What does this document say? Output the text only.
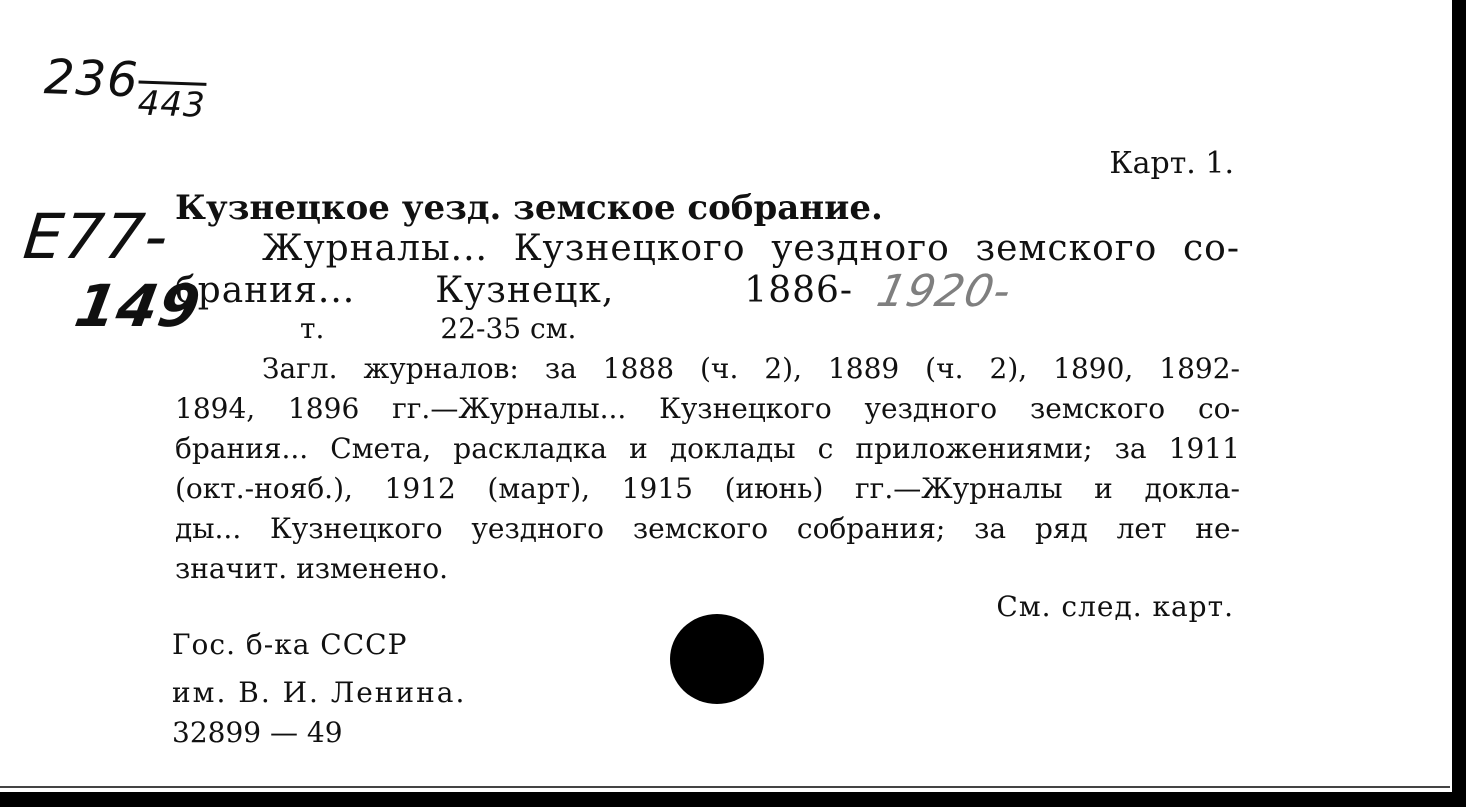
$236_{443}$
E77-
149	1920-
Карт. 1.
Кузнецкое уезд. земское собрание.
Журналы... Кузнецкого уездного земского со-
брания... Кузнецк,	1886-
т.	22-35 см.
Загл. журналов: за 1888 (ч. 2), 1889 (ч. 2), 1890, 1892-
1894, 1896 гг.—Журналы... Кузнецкого уездного земского со-
брания... Смета, раскладка и доклады с приложениями; за 1911
(окт.-нояб.), 1912 (март), 1915 (июнь) гг.—Журналы и докла-
ды... Кузнецкого уездного земского собрания; за ряд лет не-
значит. изменено.
См. след. карт.
Гос. б-ка СССР
им. В. И. Ленина.
32899 — 49
